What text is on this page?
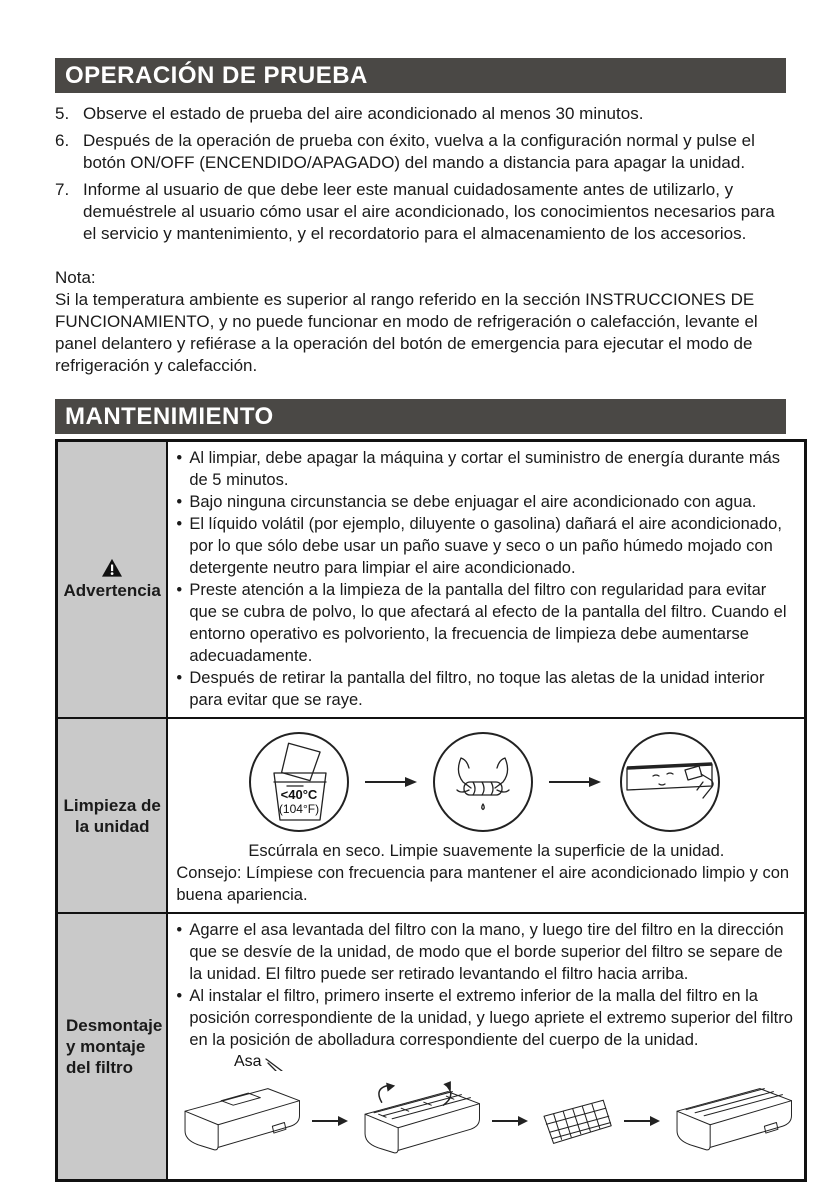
OPERACIÓN DE PRUEBA
5. Observe el estado de prueba del aire acondicionado al menos 30 minutos.
6. Después de la operación de prueba con éxito, vuelva a la configuración normal y pulse el botón ON/OFF (ENCENDIDO/APAGADO) del mando a distancia para apagar la unidad.
7. Informe al usuario de que debe leer este manual cuidadosamente antes de utilizarlo, y demuéstrele al usuario cómo usar el aire acondicionado, los conocimientos necesarios para el servicio y mantenimiento, y el recordatorio para el almacenamiento de los accesorios.
Nota:
Si la temperatura ambiente es superior al rango referido en la sección INSTRUCCIONES DE FUNCIONAMIENTO, y no puede funcionar en modo de refrigeración o calefacción, levante el panel delantero y refiérase a la operación del botón de emergencia para ejecutar el modo de refrigeración y calefacción.
MANTENIMIENTO
Advertencia

• Al limpiar, debe apagar la máquina y cortar el suministro de energía durante más de 5 minutos.
• Bajo ninguna circunstancia se debe enjuagar el aire acondicionado con agua.
• El líquido volátil (por ejemplo, diluyente o gasolina) dañará el aire acondicionado, por lo que sólo debe usar un paño suave y seco o un paño húmedo mojado con detergente neutro para limpiar el aire acondicionado.
• Preste atención a la limpieza de la pantalla del filtro con regularidad para evitar que se cubra de polvo, lo que afectará al efecto de la pantalla del filtro. Cuando el entorno operativo es polvoriento, la frecuencia de limpieza debe aumentarse adecuadamente.
• Después de retirar la pantalla del filtro, no toque las aletas de la unidad interior para evitar que se raye.

Limpieza de la unidad	<40°C
(104°F)
Escúrrala en seco. Limpie suavemente la superficie de la unidad.
Consejo: Límpiese con frecuencia para mantener el aire acondicionado limpio y con buena apariencia.

Desmontaje y montaje del filtro

• Agarre el asa levantada del filtro con la mano, y luego tire del filtro en la dirección que se desvíe de la unidad, de modo que el borde superior del filtro se separe de la unidad. El filtro puede ser retirado levantando el filtro hacia arriba.
• Al instalar el filtro, primero inserte el extremo inferior de la malla del filtro en la posición correspondiente de la unidad, y luego apriete el extremo superior del filtro en la posición de abolladura correspondiente del cuerpo de la unidad.
Asa
